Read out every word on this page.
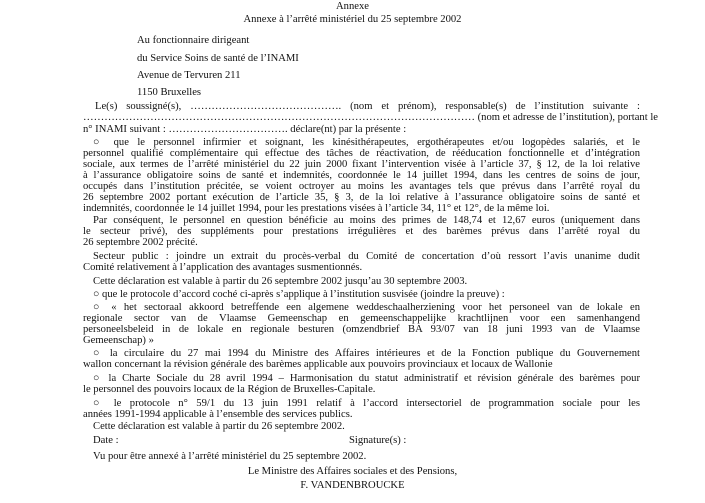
Annexe
Annexe à l’arrêté ministériel du 25 septembre 2002
Au fonctionnaire dirigeant
du Service Soins de santé de l’INAMI
Avenue de Tervuren 211
1150 Bruxelles
Le(s) soussigné(s), ……………………………………. (nom et prénom), responsable(s) de l’institution suivante :
………………………………………………………………………………………………… (nom et adresse de l’institution), portant le
n° INAMI suivant : ……………………………. déclare(nt) par la présente :
○ que le personnel infirmier et soignant, les kinésithérapeutes, ergothérapeutes et/ou logopèdes salariés, et le
personnel qualifié complémentaire qui effectue des tâches de réactivation, de rééducation fonctionnelle et d’intégration
sociale, aux termes de l’arrêté ministériel du 22 juin 2000 fixant l’intervention visée à l’article 37, § 12, de la loi relative
à l’assurance obligatoire soins de santé et indemnités, coordonnée le 14 juillet 1994, dans les centres de soins de jour,
occupés dans l’institution précitée, se voient octroyer au moins les avantages tels que prévus dans l’arrêté royal du
26 septembre 2002 portant exécution de l’article 35, § 3, de la loi relative à l’assurance obligatoire soins de santé et
indemnités, coordonnée le 14 juillet 1994, pour les prestations visées à l’article 34, 11° et 12°, de la même loi.
Par conséquent, le personnel en question bénéficie au moins des primes de 148,74 et 12,67 euros (uniquement dans
le secteur privé), des suppléments pour prestations irrégulières et des barèmes prévus dans l’arrêté royal du
26 septembre 2002 précité.
Secteur public : joindre un extrait du procès-verbal du Comité de concertation d’où ressort l’avis unanime dudit
Comité relativement à l’application des avantages susmentionnés.
Cette déclaration est valable à partir du 26 septembre 2002 jusqu’au 30 septembre 2003.
○ que le protocole d’accord coché ci-après s’applique à l’institution susvisée (joindre la preuve) :
○ « het sectoraal akkoord betreffende een algemene weddeschaalherziening voor het personeel van de lokale en
regionale sector van de Vlaamse Gemeenschap en gemeenschappelijke krachtlijnen voor een samenhangend
personeelsbeleid in de lokale en regionale besturen (omzendbrief BA 93/07 van 18 juni 1993 van de Vlaamse
Gemeenschap) »
○ la circulaire du 27 mai 1994 du Ministre des Affaires intérieures et de la Fonction publique du Gouvernement
wallon concernant la révision générale des barèmes applicable aux pouvoirs provinciaux et locaux de Wallonie
○ la Charte Sociale du 28 avril 1994 – Harmonisation du statut administratif et révision générale des barèmes pour
le personnel des pouvoirs locaux de la Région de Bruxelles-Capitale.
○ le protocole n° 59/1 du 13 juin 1991 relatif à l’accord intersectoriel de programmation sociale pour les
années 1991-1994 applicable à l’ensemble des services publics.
Cette déclaration est valable à partir du 26 septembre 2002.
Date :	Signature(s) :
Vu pour être annexé à l’arrêté ministériel du 25 septembre 2002.
Le Ministre des Affaires sociales et des Pensions,
F. VANDENBROUCKE
